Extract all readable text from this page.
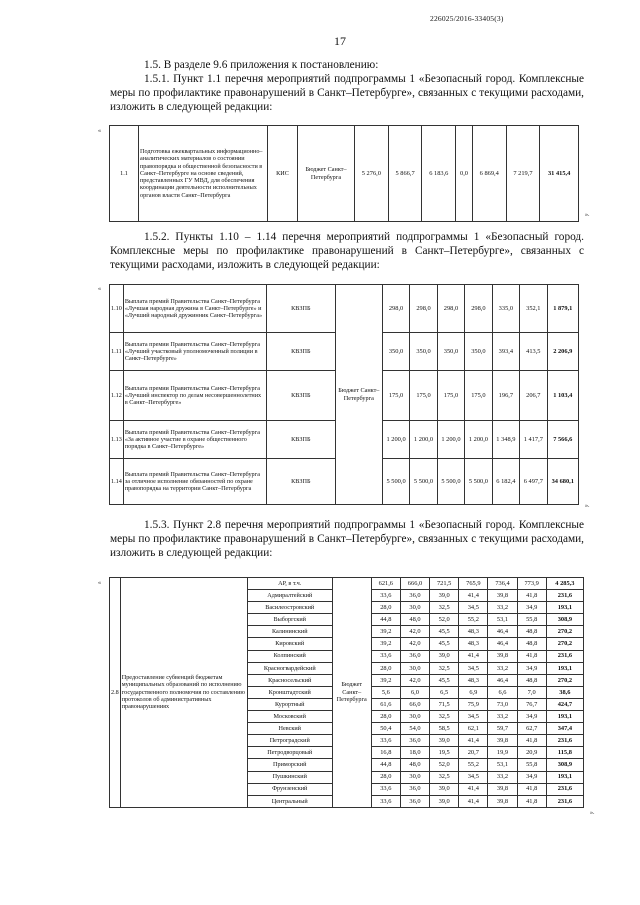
226025/2016-33405(3)
17
1.5. В разделе 9.6 приложения к постановлению:
1.5.1. Пункт 1.1 перечня мероприятий подпрограммы 1 «Безопасный город. Комплексные меры по профилактике правонарушений в Санкт–Петербурге», связанных с текущими расходами, изложить в следующей редакции:
«
1.1	Подготовка ежеквартальных информационно–аналитических материалов о состоянии правопорядка и общественной безопасности в Санкт–Петербурге на основе сведений, представленных ГУ МВД, для обеспечения координации деятельности исполнительных органов власти Санкт–Петербурга	КИС	Бюджет Санкт–Петербурга	5 276,0	5 866,7	6 183,6	0,0	6 869,4	7 219,7	31 415,4
».
1.5.2. Пункты 1.10 – 1.14 перечня мероприятий подпрограммы 1 «Безопасный город. Комплексные меры по профилактике правонарушений в Санкт–Петербурге», связанных с текущими расходами, изложить в следующей редакции:
«
1.10	Выплата премий Правительства Санкт–Петербурга «Лучшая народная дружина в Санкт–Петербурге» и «Лучший народный дружинник Санкт–Петербурга»	КВЗПБ	Бюджет Санкт–Петербурга	298,0	298,0	298,0	298,0	335,0	352,1	1 879,1
1.11	Выплата премии Правительства Санкт–Петербурга «Лучший участковый уполномоченный полиции в Санкт–Петербурге»	КВЗПБ		350,0	350,0	350,0	350,0	393,4	413,5	2 206,9
1.12	Выплата премии Правительства Санкт–Петербурга «Лучший инспектор по делам несовершеннолетних в Санкт–Петербурге»	КВЗПБ		175,0	175,0	175,0	175,0	196,7	206,7	1 103,4
1.13	Выплата премий Правительства Санкт–Петербурга «За активное участие в охране общественного порядка в Санкт–Петербурге»	КВЗПБ		1 200,0	1 200,0	1 200,0	1 200,0	1 348,9	1 417,7	7 566,6
1.14	Выплата премий Правительства Санкт–Петербурга за отличное исполнение обязанностей по охране правопорядка на территории Санкт–Петербурга	КВЗПБ		5 500,0	5 500,0	5 500,0	5 500,0	6 182,4	6 497,7	34 680,1
».
1.5.3. Пункт 2.8 перечня мероприятий подпрограммы 1 «Безопасный город. Комплексные меры по профилактике правонарушений в Санкт–Петербурге», связанных с текущими расходами, изложить в следующей редакции:
«
2.8	Предоставление субвенций бюджетам муниципальных образований по исполнению государственного полномочия по составлению протоколов об административных правонарушениях	АР, в т.ч.	Бюджет Санкт–Петербурга	621,6	666,0	721,5	765,9	736,4	773,9	4 285,3
		Адмиралтейский		33,6	36,0	39,0	41,4	39,8	41,8	231,6
		Василеостровский		28,0	30,0	32,5	34,5	33,2	34,9	193,1
		Выборгский		44,8	48,0	52,0	55,2	53,1	55,8	308,9
		Калининский		39,2	42,0	45,5	48,3	46,4	48,8	270,2
		Кировский		39,2	42,0	45,5	48,3	46,4	48,8	270,2
		Колпинский		33,6	36,0	39,0	41,4	39,8	41,8	231,6
		Красногвардейский		28,0	30,0	32,5	34,5	33,2	34,9	193,1
		Красносельский		39,2	42,0	45,5	48,3	46,4	48,8	270,2
		Кронштадтский		5,6	6,0	6,5	6,9	6,6	7,0	38,6
		Курортный		61,6	66,0	71,5	75,9	73,0	76,7	424,7
		Московский		28,0	30,0	32,5	34,5	33,2	34,9	193,1
		Невский		50,4	54,0	58,5	62,1	59,7	62,7	347,4
		Петроградский		33,6	36,0	39,0	41,4	39,8	41,8	231,6
		Петродворцовый		16,8	18,0	19,5	20,7	19,9	20,9	115,8
		Приморский		44,8	48,0	52,0	55,2	53,1	55,8	308,9
		Пушкинский		28,0	30,0	32,5	34,5	33,2	34,9	193,1
		Фрунзенский		33,6	36,0	39,0	41,4	39,8	41,8	231,6
		Центральный		33,6	36,0	39,0	41,4	39,8	41,8	231,6
».
